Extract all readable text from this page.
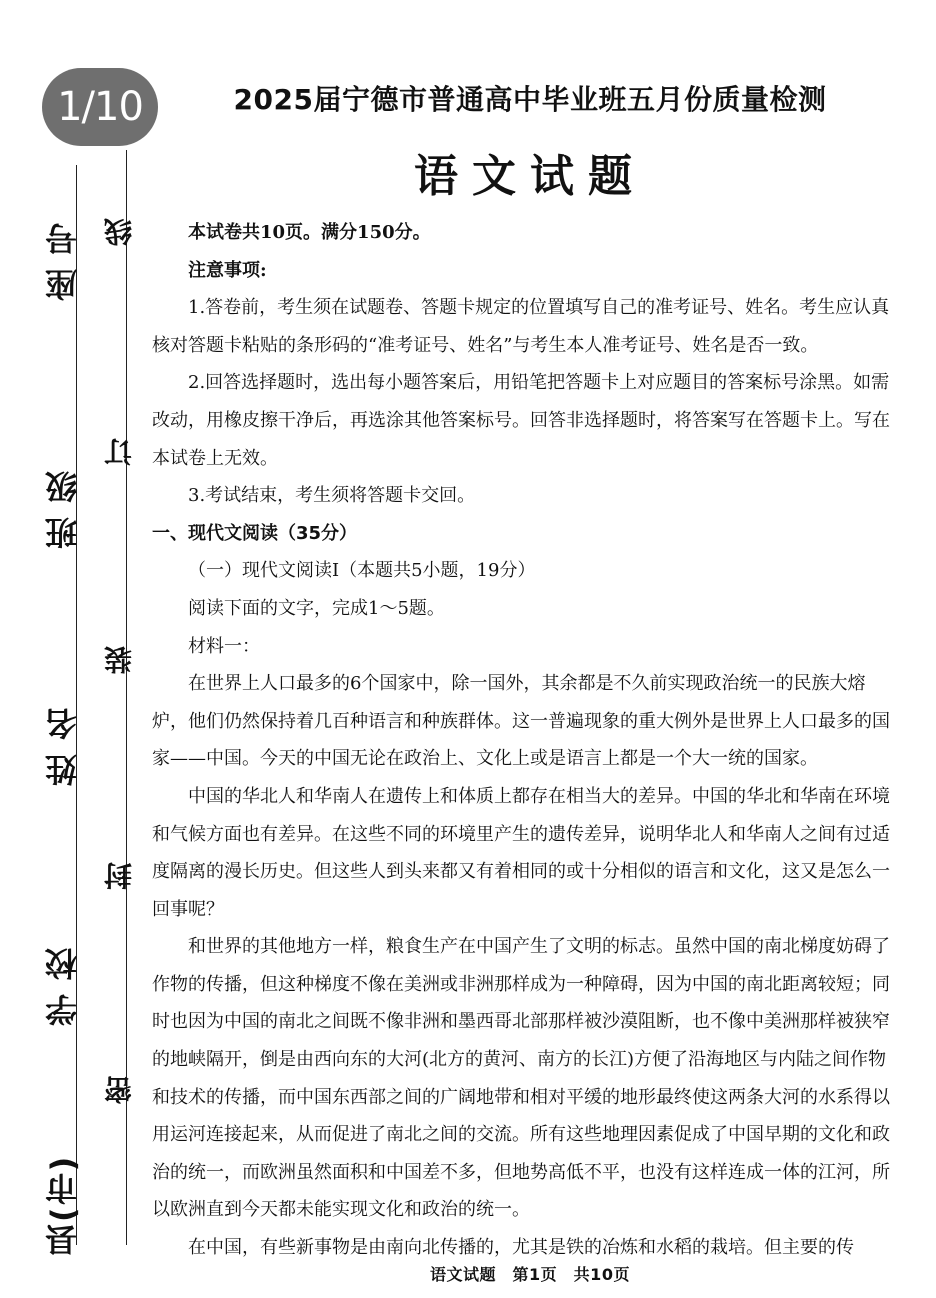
1/10
座号
班级
姓名
学校
县(市)
线
订
装
封
密
2025届宁德市普通高中毕业班五月份质量检测
语文试题

本试卷共10页。满分150分。

注意事项:

1.答卷前，考生须在试题卷、答题卡规定的位置填写自己的准考证号、姓名。考生应认真核对答题卡粘贴的条形码的“准考证号、姓名”与考生本人准考证号、姓名是否一致。

2.回答选择题时，选出每小题答案后，用铅笔把答题卡上对应题目的答案标号涂黑。如需改动，用橡皮擦干净后，再选涂其他答案标号。回答非选择题时，将答案写在答题卡上。写在本试卷上无效。

3.考试结束，考生须将答题卡交回。

一、现代文阅读（35分）

（一）现代文阅读Ⅰ（本题共5小题，19分）

阅读下面的文字，完成1～5题。

材料一：

在世界上人口最多的6个国家中，除一国外，其余都是不久前实现政治统一的民族大熔炉，他们仍然保持着几百种语言和种族群体。这一普遍现象的重大例外是世界上人口最多的国家——中国。今天的中国无论在政治上、文化上或是语言上都是一个大一统的国家。

中国的华北人和华南人在遗传上和体质上都存在相当大的差异。中国的华北和华南在环境和气候方面也有差异。在这些不同的环境里产生的遗传差异，说明华北人和华南人之间有过适度隔离的漫长历史。但这些人到头来都又有着相同的或十分相似的语言和文化，这又是怎么一回事呢？

和世界的其他地方一样，粮食生产在中国产生了文明的标志。虽然中国的南北梯度妨碍了作物的传播，但这种梯度不像在美洲或非洲那样成为一种障碍，因为中国的南北距离较短；同时也因为中国的南北之间既不像非洲和墨西哥北部那样被沙漠阻断，也不像中美洲那样被狭窄的地峡隔开，倒是由西向东的大河(北方的黄河、南方的长江)方便了沿海地区与内陆之间作物和技术的传播，而中国东西部之间的广阔地带和相对平缓的地形最终使这两条大河的水系得以用运河连接起来，从而促进了南北之间的交流。所有这些地理因素促成了中国早期的文化和政治的统一，而欧洲虽然面积和中国差不多，但地势高低不平，也没有这样连成一体的江河，所以欧洲直到今天都未能实现文化和政治的统一。

在中国，有些新事物是由南向北传播的，尤其是铁的冶炼和水稻的栽培。但主要的传

语文试题　第1页　共10页
